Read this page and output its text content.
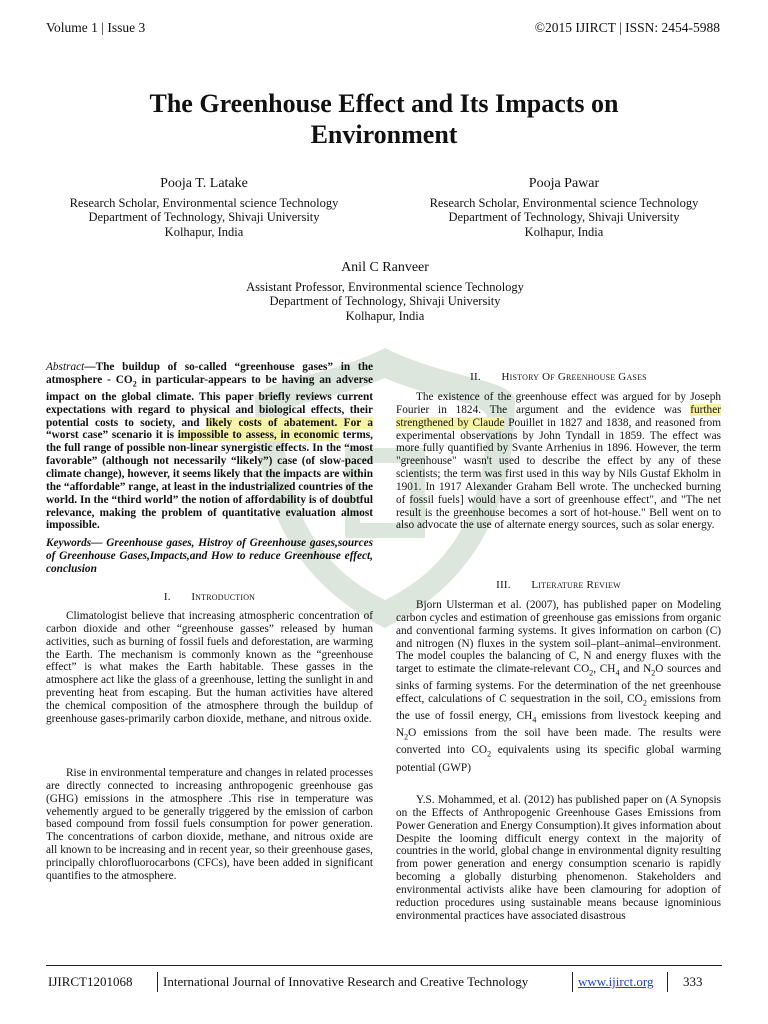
Volume 1 | Issue 3	©2015 IJIRCT | ISSN: 2454-5988
The Greenhouse Effect and Its Impacts on
Environment
Pooja T. Latake
Research Scholar, Environmental science Technology
Department of Technology, Shivaji University
Kolhapur, India
Pooja Pawar
Research Scholar, Environmental science Technology
Department of Technology, Shivaji University
Kolhapur, India
Anil C Ranveer
Assistant Professor, Environmental science Technology
Department of Technology, Shivaji University
Kolhapur, India
Abstract—The buildup of so-called “greenhouse gases” in the atmosphere - $CO_2$ in particular-appears to be having an adverse impact on the global climate. This paper briefly reviews current expectations with regard to physical and biological effects, their potential costs to society, and likely costs of abatement. For a “worst case” scenario it is impossible to assess, in economic terms, the full range of possible non-linear synergistic effects. In the “most favorable” (although not necessarily “likely”) case (of slow-paced climate change), however, it seems likely that the impacts are within the “affordable” range, at least in the industrialized countries of the world. In the “third world” the notion of affordability is of doubtful relevance, making the problem of quantitative evaluation almost impossible.
Keywords— Greenhouse gases, Histroy of Greenhouse gases,sources of Greenhouse Gases,Impacts,and How to reduce Greenhouse effect, conclusion
I. Introduction
Climatologist believe that increasing atmospheric concentration of carbon dioxide and other “greenhouse gasses” released by human activities, such as burning of fossil fuels and deforestation, are warming the Earth. The mechanism is commonly known as the “greenhouse effect” is what makes the Earth habitable. These gasses in the atmosphere act like the glass of a greenhouse, letting the sunlight in and preventing heat from escaping. But the human activities have altered the chemical composition of the atmosphere through the buildup of greenhouse gases-primarily carbon dioxide, methane, and nitrous oxide.
Rise in environmental temperature and changes in related processes are directly connected to increasing anthropogenic greenhouse gas (GHG) emissions in the atmosphere .This rise in temperature was vehemently argued to be generally triggered by the emission of carbon based compound from fossil fuels consumption for power generation. The concentrations of carbon dioxide, methane, and nitrous oxide are all known to be increasing and in recent year, so their greenhouse gases, principally chlorofluorocarbons (CFCs), have been added in significant quantifies to the atmosphere.
II. History Of Greenhouse Gases
The existence of the greenhouse effect was argued for by Joseph Fourier in 1824. The argument and the evidence was further strengthened by Claude Pouillet in 1827 and 1838, and reasoned from experimental observations by John Tyndall in 1859. The effect was more fully quantified by Svante Arrhenius in 1896. However, the term "greenhouse" wasn't used to describe the effect by any of these scientists; the term was first used in this way by Nils Gustaf Ekholm in 1901. In 1917 Alexander Graham Bell wrote. The unchecked burning of fossil fuels] would have a sort of greenhouse effect", and "The net result is the greenhouse becomes a sort of hot-house." Bell went on to also advocate the use of alternate energy sources, such as solar energy.
III. Literature Review
Bjorn Ulsterman et al. (2007), has published paper on Modeling carbon cycles and estimation of greenhouse gas emissions from organic and conventional farming systems. It gives information on carbon (C) and nitrogen (N) fluxes in the system soil–plant–animal–environment. The model couples the balancing of C, N and energy fluxes with the target to estimate the climate-relevant $CO_2$, $CH_4$ and $N_2O$ sources and sinks of farming systems. For the determination of the net greenhouse effect, calculations of C sequestration in the soil, $CO_2$ emissions from the use of fossil energy, $CH_4$ emissions from livestock keeping and $N_2O$ emissions from the soil have been made. The results were converted into $CO_2$ equivalents using its specific global warming potential (GWP)
Y.S. Mohammed, et al. (2012) has published paper on (A Synopsis on the Effects of Anthropogenic Greenhouse Gases Emissions from Power Generation and Energy Consumption).It gives information about Despite the looming difficult energy context in the majority of countries in the world, global change in environmental dignity resulting from power generation and energy consumption scenario is rapidly becoming a globally disturbing phenomenon. Stakeholders and environmental activists alike have been clamouring for adoption of reduction procedures using sustainable means because ignominious environmental practices have associated disastrous
IJIRCT1201068 International Journal of Innovative Research and Creative Technology	www.ijirct.org 333
